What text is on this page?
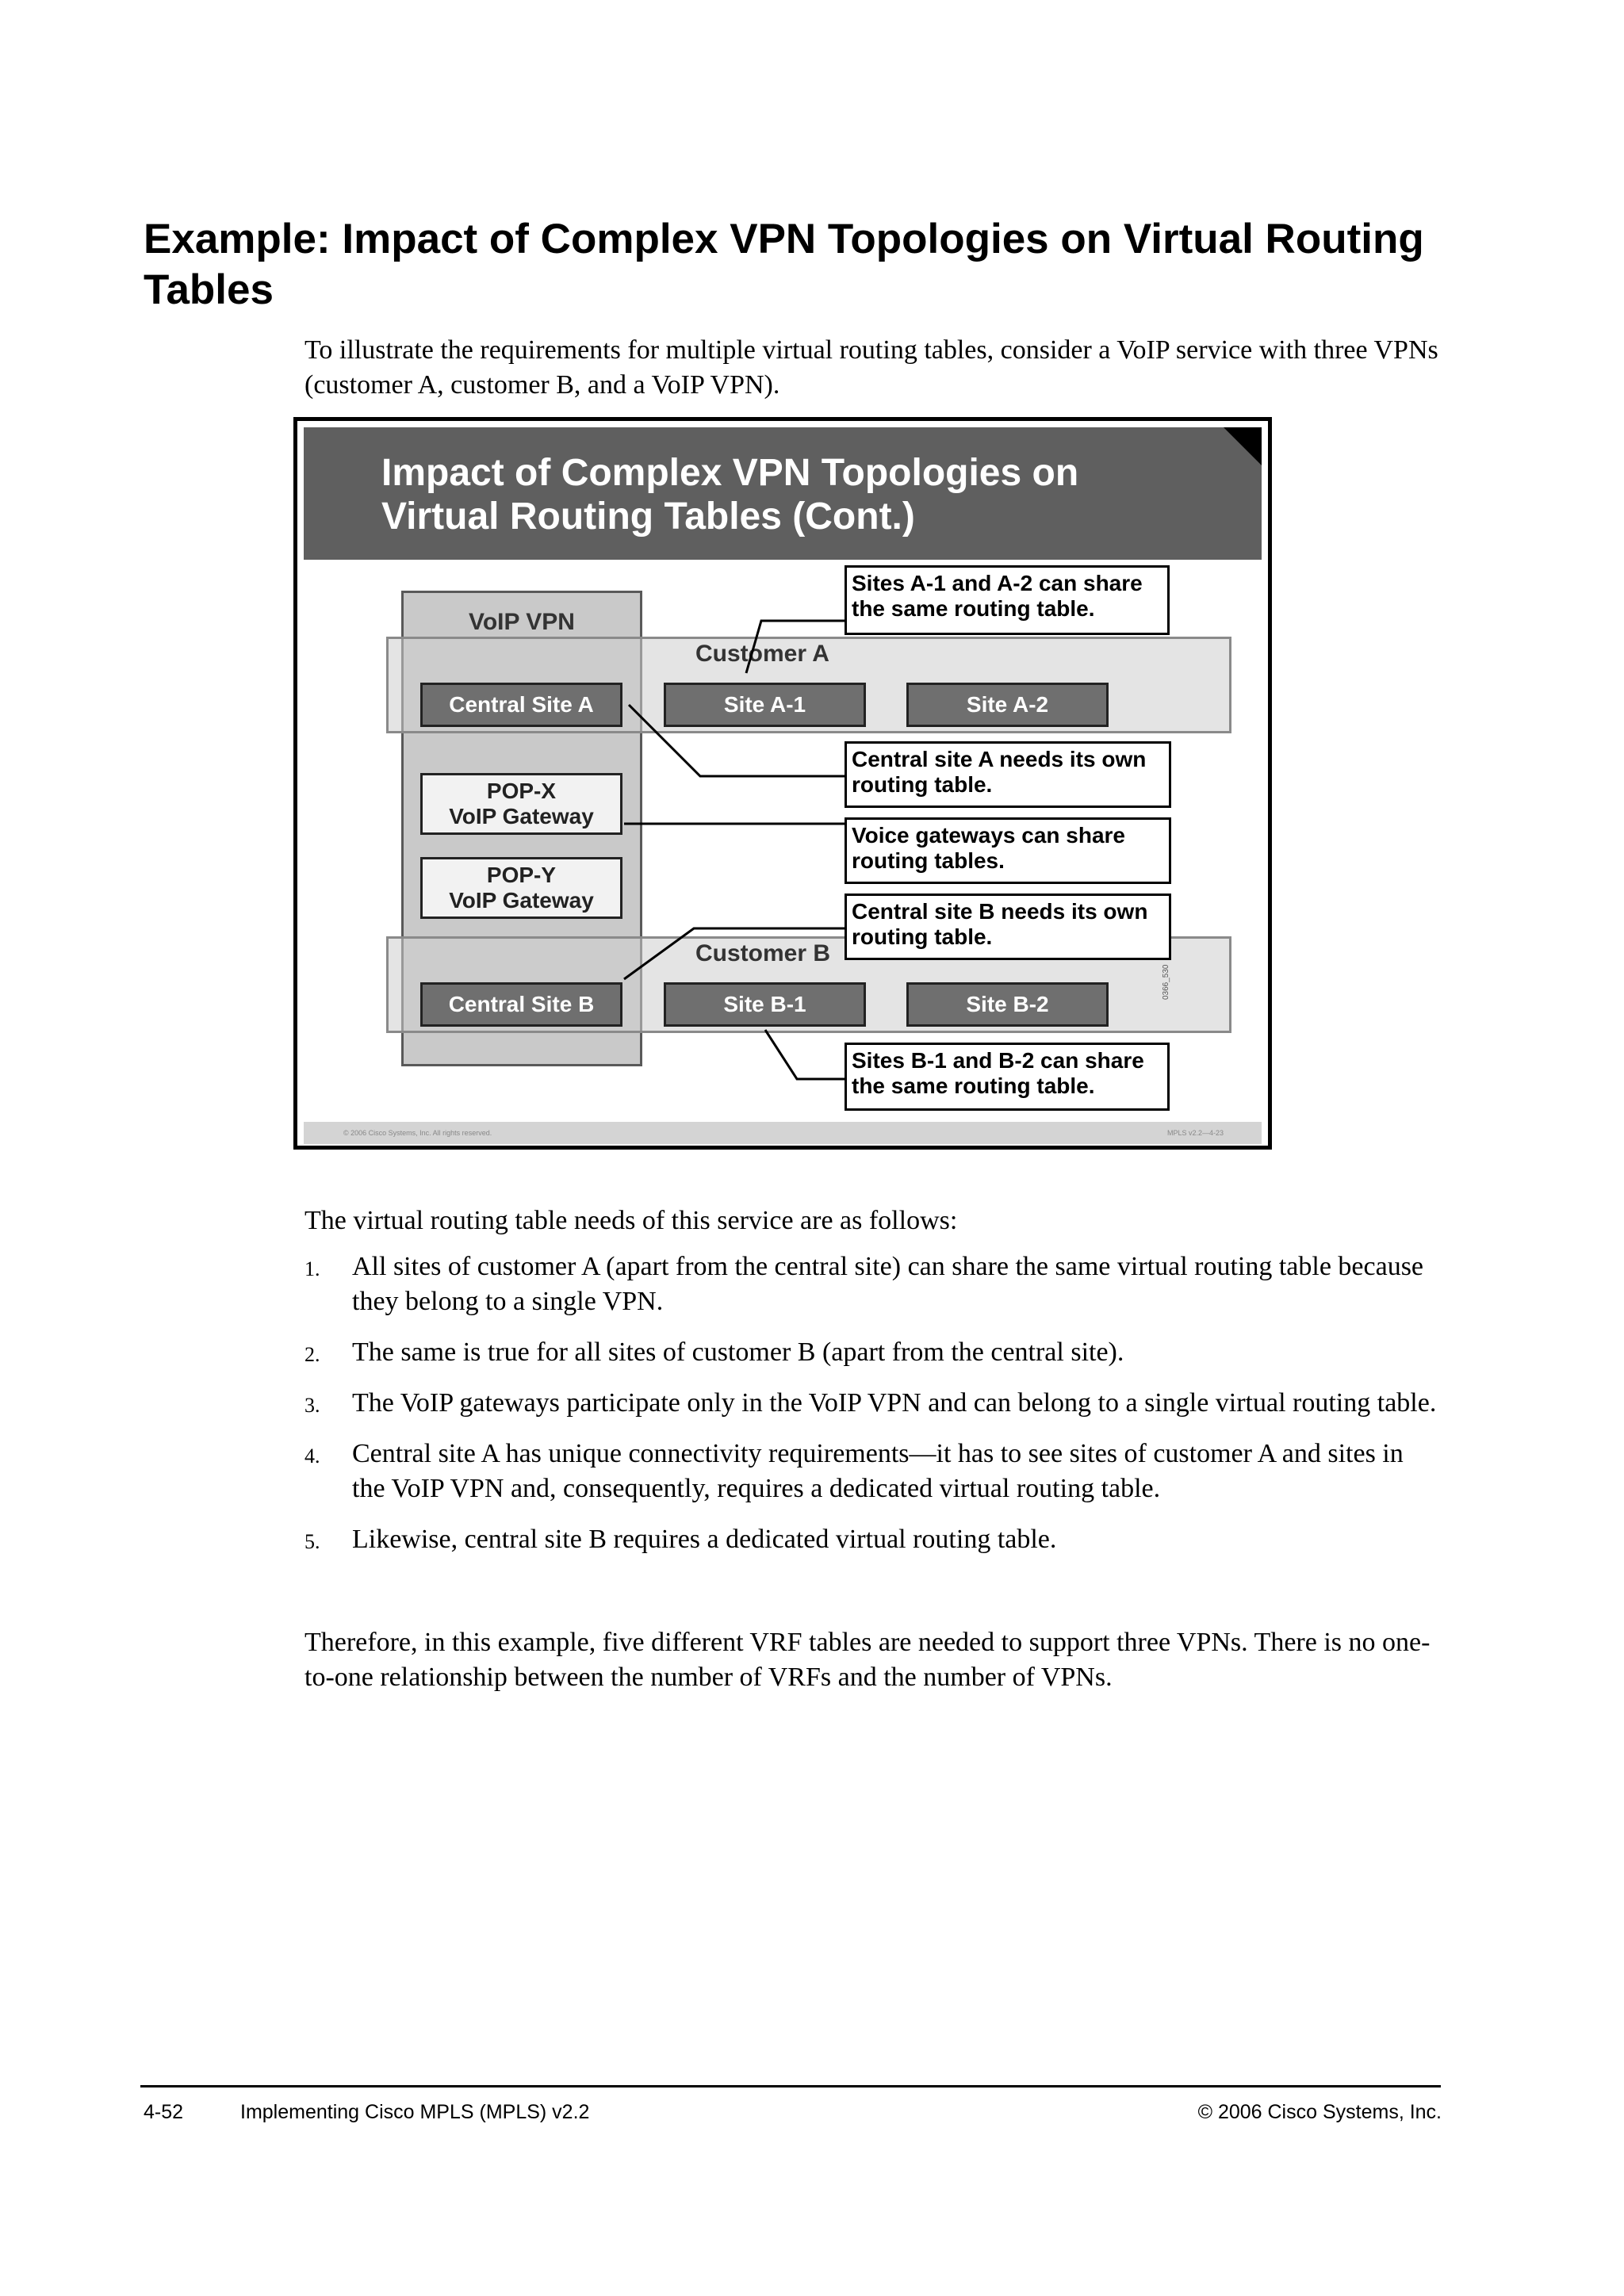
Example: Impact of Complex VPN Topologies on Virtual Routing Tables

To illustrate the requirements for multiple virtual routing tables, consider a VoIP service with three VPNs (customer A, customer B, and a VoIP VPN).

Impact of Complex VPN Topologies on Virtual Routing Tables (Cont.)
VoIP VPN
Customer A
Customer B
Central Site A	Site A-1	Site A-2
Central Site B	Site B-1	Site B-2
POP-X
VoIP Gateway
POP-Y
VoIP Gateway
Sites A-1 and A-2 can share the same routing table.
Central site A needs its own routing table.
Voice gateways can share routing tables.
Central site B needs its own routing table.
Sites B-1 and B-2 can share the same routing table.
0366_530
© 2006 Cisco Systems, Inc. All rights reserved.	MPLS v2.2—4-23

The virtual routing table needs of this service are as follows:

1. All sites of customer A (apart from the central site) can share the same virtual routing table because they belong to a single VPN.
2. The same is true for all sites of customer B (apart from the central site).
3. The VoIP gateways participate only in the VoIP VPN and can belong to a single virtual routing table.
4. Central site A has unique connectivity requirements—it has to see sites of customer A and sites in the VoIP VPN and, consequently, requires a dedicated virtual routing table.
5. Likewise, central site B requires a dedicated virtual routing table.

Therefore, in this example, five different VRF tables are needed to support three VPNs. There is no one-to-one relationship between the number of VRFs and the number of VPNs.

4-52	Implementing Cisco MPLS (MPLS) v2.2	© 2006 Cisco Systems, Inc.
